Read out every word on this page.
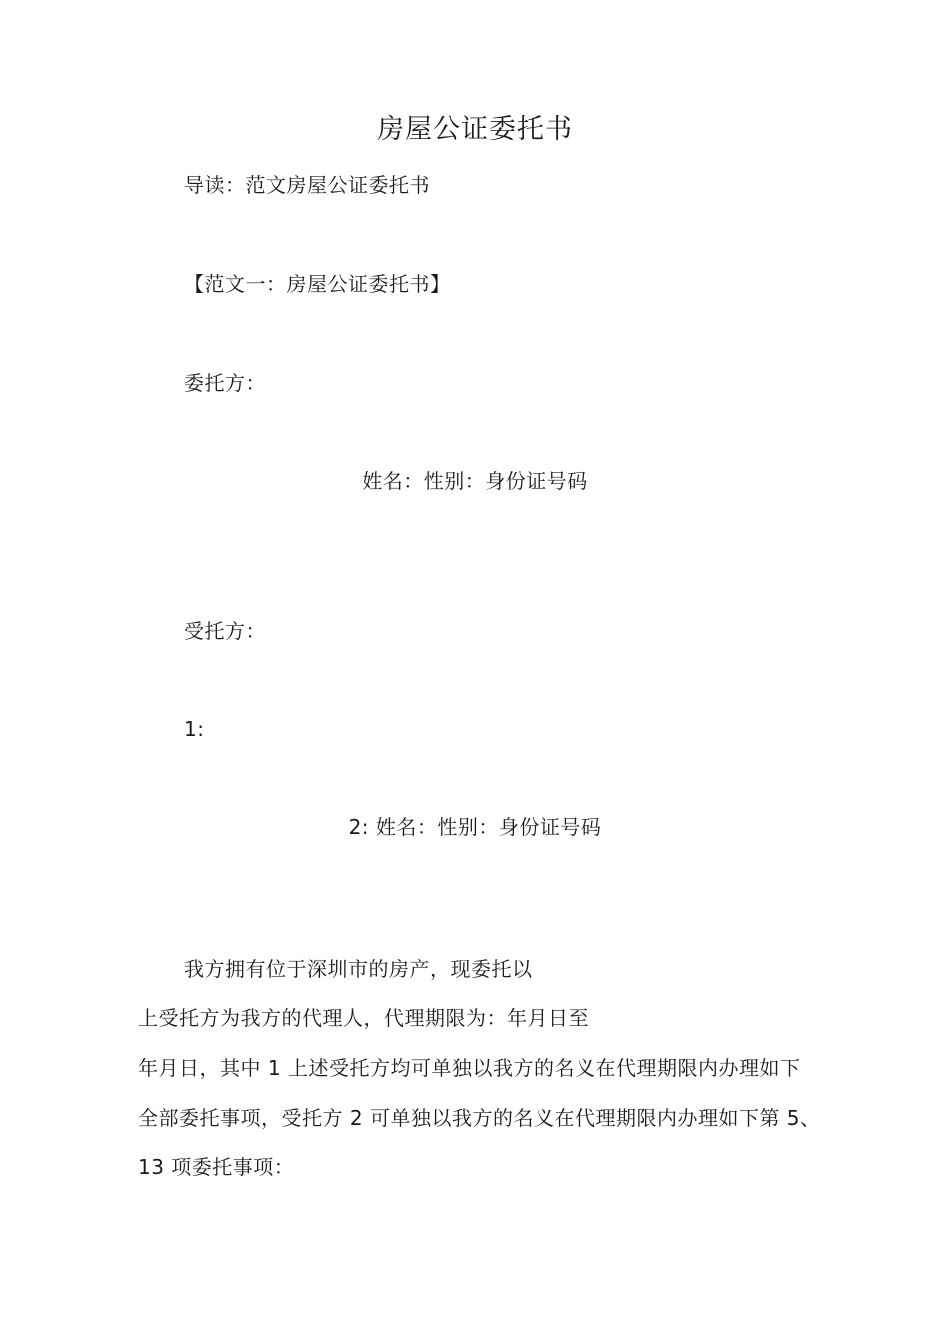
房屋公证委托书
导读：范文房屋公证委托书
【范文一：房屋公证委托书】
委托方：
姓名：性别：身份证号码
受托方：
1:
2: 姓名：性别：身份证号码
我方拥有位于深圳市的房产，现委托以
上受托方为我方的代理人，代理期限为：年月日至
年月日，其中 1 上述受托方均可单独以我方的名义在代理期限内办理如下
全部委托事项，受托方 2 可单独以我方的名义在代理期限内办理如下第 5、
13 项委托事项：
